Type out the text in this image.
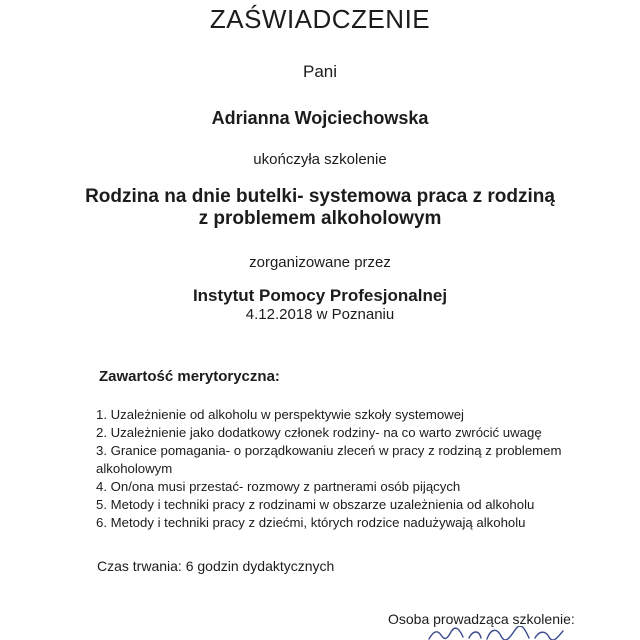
ZAŚWIADCZENIE
Pani
Adrianna Wojciechowska
ukończyła szkolenie
Rodzina na dnie butelki- systemowa praca z rodziną
z problemem alkoholowym
zorganizowane przez
Instytut Pomocy Profesjonalnej
4.12.2018 w Poznaniu
Zawartość merytoryczna:
1. Uzależnienie od alkoholu w perspektywie szkoły systemowej
2. Uzależnienie jako dodatkowy członek rodziny- na co warto zwrócić uwagę
3. Granice pomagania- o porządkowaniu zleceń w pracy z rodziną z problemem alkoholowym
4. On/ona musi przestać- rozmowy z partnerami osób pijących
5. Metody i techniki pracy z rodzinami w obszarze uzależnienia od alkoholu
6. Metody i techniki pracy z dziećmi, których rodzice nadużywają alkoholu
Czas trwania: 6 godzin dydaktycznych
Osoba prowadząca szkolenie:
